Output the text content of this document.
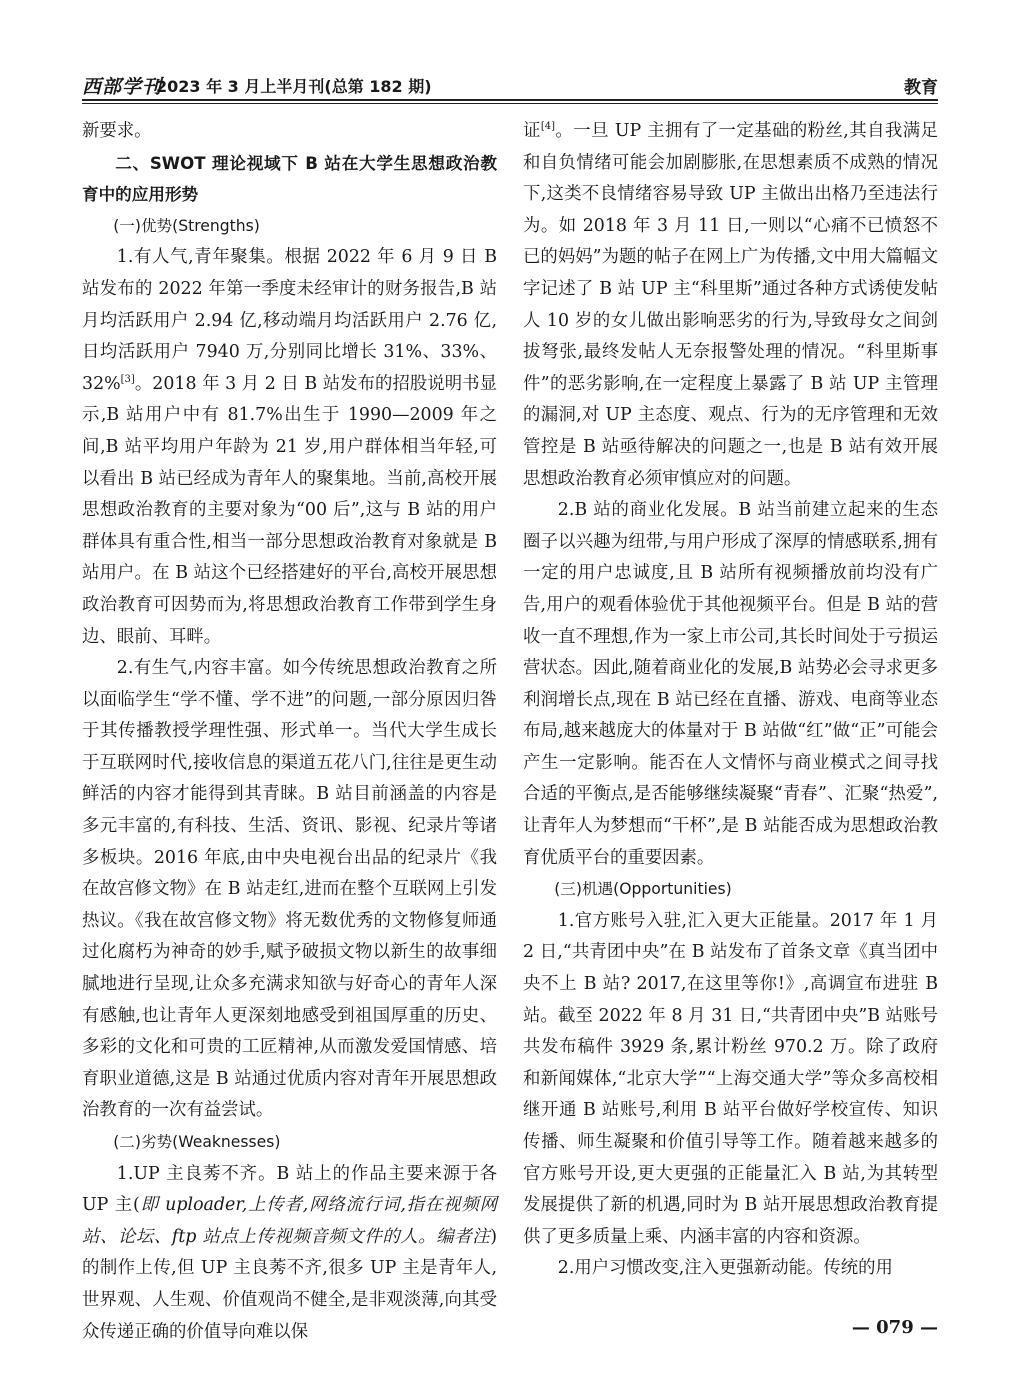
西部学刊
2023 年 3 月上半月刊(总第 182 期)	教育

新要求。

二、SWOT 理论视域下 B 站在大学生思想政治教育中的应用形势

(一)优势(Strengths)

1.有人气,青年聚集。根据 2022 年 6 月 9 日 B 站发布的 2022 年第一季度未经审计的财务报告,B 站月均活跃用户 2.94 亿,移动端月均活跃用户 2.76 亿,日均活跃用户 7940 万,分别同比增长 31%、33%、32%[3]。2018 年 3 月 2 日 B 站发布的招股说明书显示,B 站用户中有 81.7%出生于 1990—2009 年之间,B 站平均用户年龄为 21 岁,用户群体相当年轻,可以看出 B 站已经成为青年人的聚集地。当前,高校开展思想政治教育的主要对象为“00 后”,这与 B 站的用户群体具有重合性,相当一部分思想政治教育对象就是 B 站用户。在 B 站这个已经搭建好的平台,高校开展思想政治教育可因势而为,将思想政治教育工作带到学生身边、眼前、耳畔。

2.有生气,内容丰富。如今传统思想政治教育之所以面临学生“学不懂、学不进”的问题,一部分原因归咎于其传播教授学理性强、形式单一。当代大学生成长于互联网时代,接收信息的渠道五花八门,往往是更生动鲜活的内容才能得到其青睐。B 站目前涵盖的内容是多元丰富的,有科技、生活、资讯、影视、纪录片等诸多板块。2016 年底,由中央电视台出品的纪录片《我在故宫修文物》在 B 站走红,进而在整个互联网上引发热议。《我在故宫修文物》将无数优秀的文物修复师通过化腐朽为神奇的妙手,赋予破损文物以新生的故事细腻地进行呈现,让众多充满求知欲与好奇心的青年人深有感触,也让青年人更深刻地感受到祖国厚重的历史、多彩的文化和可贵的工匠精神,从而激发爱国情感、培育职业道德,这是 B 站通过优质内容对青年开展思想政治教育的一次有益尝试。

(二)劣势(Weaknesses)

1.UP 主良莠不齐。B 站上的作品主要来源于各 UP 主(即 uploader,上传者,网络流行词,指在视频网站、论坛、ftp 站点上传视频音频文件的人。编者注)的制作上传,但 UP 主良莠不齐,很多 UP 主是青年人,世界观、人生观、价值观尚不健全,是非观淡薄,向其受众传递正确的价值导向难以保

证[4]。一旦 UP 主拥有了一定基础的粉丝,其自我满足和自负情绪可能会加剧膨胀,在思想素质不成熟的情况下,这类不良情绪容易导致 UP 主做出出格乃至违法行为。如 2018 年 3 月 11 日,一则以“心痛不已愤怒不已的妈妈”为题的帖子在网上广为传播,文中用大篇幅文字记述了 B 站 UP 主“科里斯”通过各种方式诱使发帖人 10 岁的女儿做出影响恶劣的行为,导致母女之间剑拔弩张,最终发帖人无奈报警处理的情况。“科里斯事件”的恶劣影响,在一定程度上暴露了 B 站 UP 主管理的漏洞,对 UP 主态度、观点、行为的无序管理和无效管控是 B 站亟待解决的问题之一,也是 B 站有效开展思想政治教育必须审慎应对的问题。

2.B 站的商业化发展。B 站当前建立起来的生态圈子以兴趣为纽带,与用户形成了深厚的情感联系,拥有一定的用户忠诚度,且 B 站所有视频播放前均没有广告,用户的观看体验优于其他视频平台。但是 B 站的营收一直不理想,作为一家上市公司,其长时间处于亏损运营状态。因此,随着商业化的发展,B 站势必会寻求更多利润增长点,现在 B 站已经在直播、游戏、电商等业态布局,越来越庞大的体量对于 B 站做“红”做“正”可能会产生一定影响。能否在人文情怀与商业模式之间寻找合适的平衡点,是否能够继续凝聚“青春”、汇聚“热爱”,让青年人为梦想而“干杯”,是 B 站能否成为思想政治教育优质平台的重要因素。

(三)机遇(Opportunities)

1.官方账号入驻,汇入更大正能量。2017 年 1 月 2 日,“共青团中央”在 B 站发布了首条文章《真当团中央不上 B 站? 2017,在这里等你!》,高调宣布进驻 B 站。截至 2022 年 8 月 31 日,“共青团中央”B 站账号共发布稿件 3929 条,累计粉丝 970.2 万。除了政府和新闻媒体,“北京大学”“上海交通大学”等众多高校相继开通 B 站账号,利用 B 站平台做好学校宣传、知识传播、师生凝聚和价值引导等工作。随着越来越多的官方账号开设,更大更强的正能量汇入 B 站,为其转型发展提供了新的机遇,同时为 B 站开展思想政治教育提供了更多质量上乘、内涵丰富的内容和资源。

2.用户习惯改变,注入更强新动能。传统的用

— 079 —
